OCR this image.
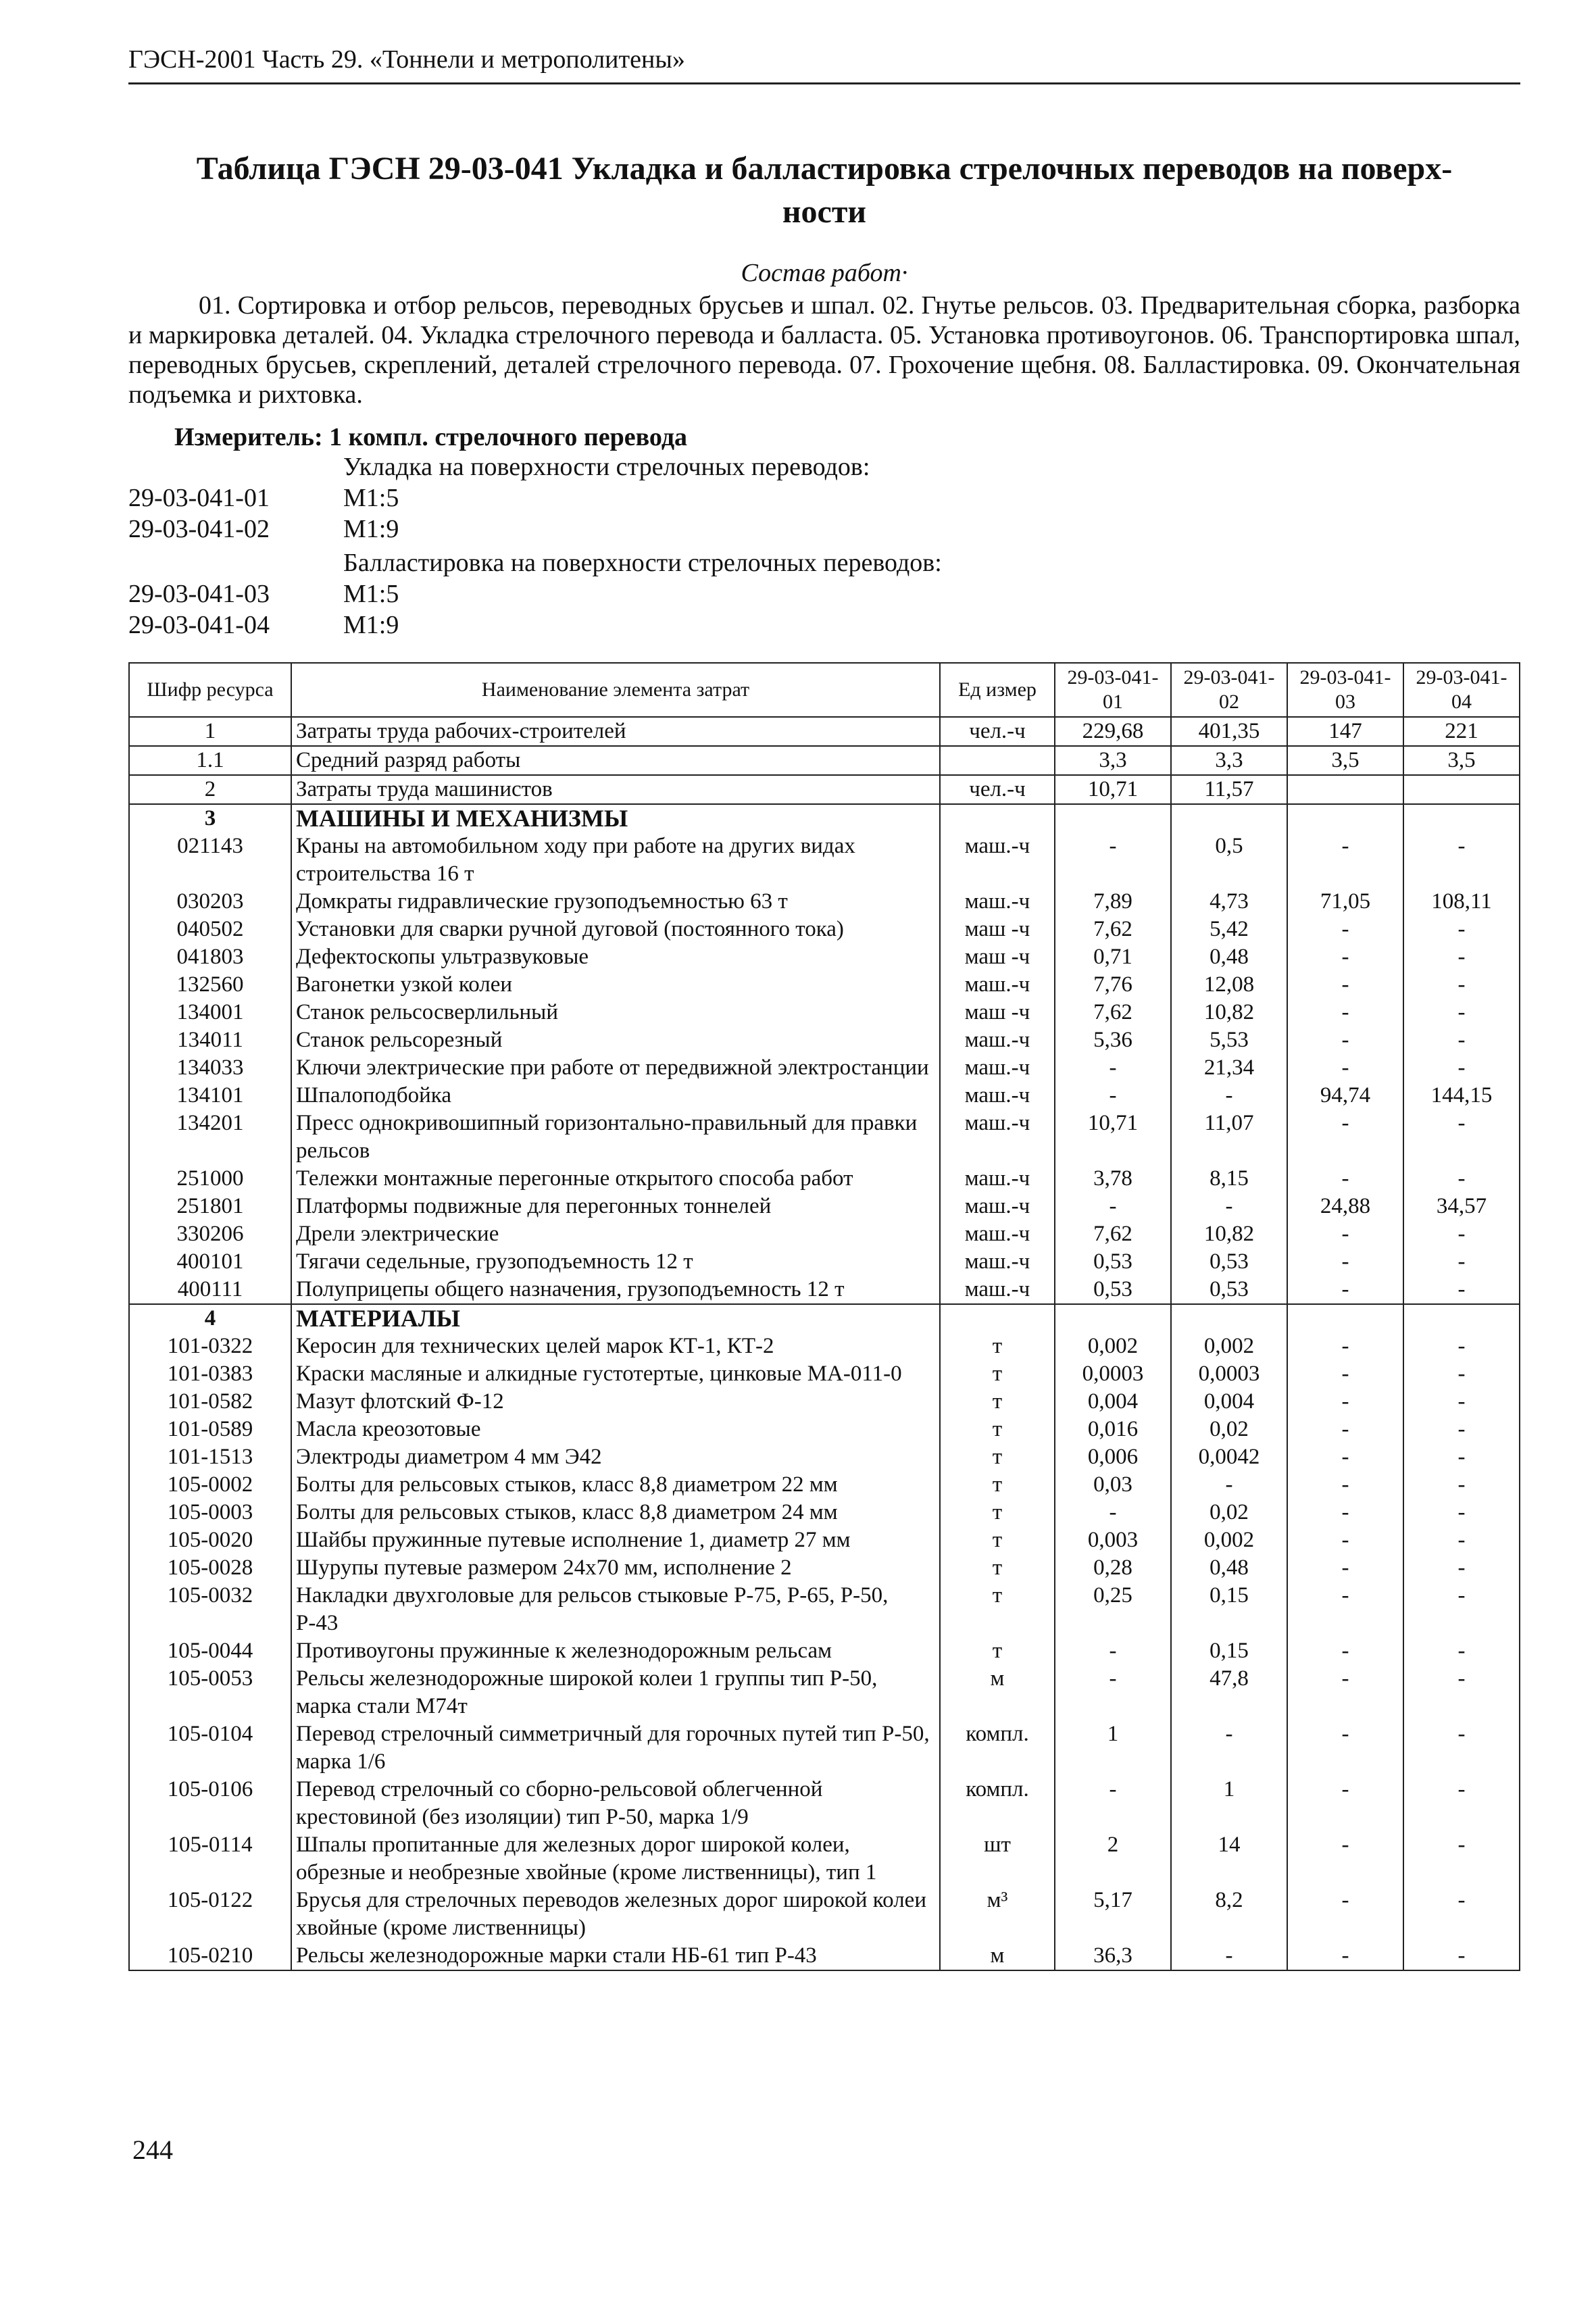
ГЭСН-2001 Часть 29. «Тоннели и метрополитены»
Таблица ГЭСН 29-03-041 Укладка и балластировка стрелочных переводов на поверх-
ности
Состав работ·
01. Сортировка и отбор рельсов, переводных брусьев и шпал. 02. Гнутье рельсов. 03. Предварительная сборка, разборка и маркировка деталей. 04. Укладка стрелочного перевода и балласта. 05. Установка противоугонов. 06. Транспортировка шпал, переводных брусьев, скреплений, деталей стрелочного перевода. 07. Грохочение щебня. 08. Балластировка. 09. Окончательная подъемка и рихтовка.
Измеритель: 1 компл. стрелочного перевода
Укладка на поверхности стрелочных переводов:
29-03-041-01	М1:5
29-03-041-02	М1:9
Балластировка на поверхности стрелочных переводов:
29-03-041-03	М1:5
29-03-041-04	М1:9
Шифр ресурса	Наименование элемента затрат	Ед измер	29-03-041-01	29-03-041-02	29-03-041-03	29-03-041-04
1	Затраты труда рабочих-строителей	чел.-ч	229,68	401,35	147	221
1.1	Средний разряд работы		3,3	3,3	3,5	3,5
2	Затраты труда машинистов	чел.-ч	10,71	11,57		
3	МАШИНЫ И МЕХАНИЗМЫ					
021143	Краны на автомобильном ходу при работе на других видах строительства 16 т	маш.-ч	-	0,5	-	-
030203	Домкраты гидравлические грузоподъемностью 63 т	маш.-ч	7,89	4,73	71,05	108,11
040502	Установки для сварки ручной дуговой (постоянного тока)	маш -ч	7,62	5,42	-	-
041803	Дефектоскопы ультразвуковые	маш -ч	0,71	0,48	-	-
132560	Вагонетки узкой колеи	маш.-ч	7,76	12,08	-	-
134001	Станок рельсосверлильный	маш -ч	7,62	10,82	-	-
134011	Станок рельсорезный	маш.-ч	5,36	5,53	-	-
134033	Ключи электрические при работе от передвижной электростанции	маш.-ч	-	21,34	-	-
134101	Шпалоподбойка	маш.-ч	-	-	94,74	144,15
134201	Пресс однокривошипный горизонтально-правильный для правки рельсов	маш.-ч	10,71	11,07	-	-
251000	Тележки монтажные перегонные открытого способа работ	маш.-ч	3,78	8,15	-	-
251801	Платформы подвижные для перегонных тоннелей	маш.-ч	-	-	24,88	34,57
330206	Дрели электрические	маш.-ч	7,62	10,82	-	-
400101	Тягачи седельные, грузоподъемность 12 т	маш.-ч	0,53	0,53	-	-
400111	Полуприцепы общего назначения, грузоподъемность 12 т	маш.-ч	0,53	0,53	-	-
4	МАТЕРИАЛЫ					
101-0322	Керосин для технических целей марок КТ-1, КТ-2	т	0,002	0,002	-	-
101-0383	Краски масляные и алкидные густотертые, цинковые МА-011-0	т	0,0003	0,0003	-	-
101-0582	Мазут флотский Ф-12	т	0,004	0,004	-	-
101-0589	Масла креозотовые	т	0,016	0,02	-	-
101-1513	Электроды диаметром 4 мм Э42	т	0,006	0,0042	-	-
105-0002	Болты для рельсовых стыков, класс 8,8 диаметром 22 мм	т	0,03	-	-	-
105-0003	Болты для рельсовых стыков, класс 8,8 диаметром 24 мм	т	-	0,02	-	-
105-0020	Шайбы пружинные путевые исполнение 1, диаметр 27 мм	т	0,003	0,002	-	-
105-0028	Шурупы путевые размером 24х70 мм, исполнение 2	т	0,28	0,48	-	-
105-0032	Накладки двухголовые для рельсов стыковые Р-75, Р-65, Р-50, Р-43	т	0,25	0,15	-	-
105-0044	Противоугоны пружинные к железнодорожным рельсам	т	-	0,15	-	-
105-0053	Рельсы железнодорожные широкой колеи 1 группы тип Р-50, марка стали М74т	м	-	47,8	-	-
105-0104	Перевод стрелочный симметричный для горочных путей тип Р-50, марка 1/6	компл.	1	-	-	-
105-0106	Перевод стрелочный со сборно-рельсовой облегченной крестовиной (без изоляции) тип Р-50, марка 1/9	компл.	-	1	-	-
105-0114	Шпалы пропитанные для железных дорог широкой колеи, обрезные и необрезные хвойные (кроме лиственницы), тип 1	шт	2	14	-	-
105-0122	Брусья для стрелочных переводов железных дорог широкой колеи хвойные (кроме лиственницы)	м³	5,17	8,2	-	-
105-0210	Рельсы железнодорожные марки стали НБ-61 тип Р-43	м	36,3	-	-	-
244
